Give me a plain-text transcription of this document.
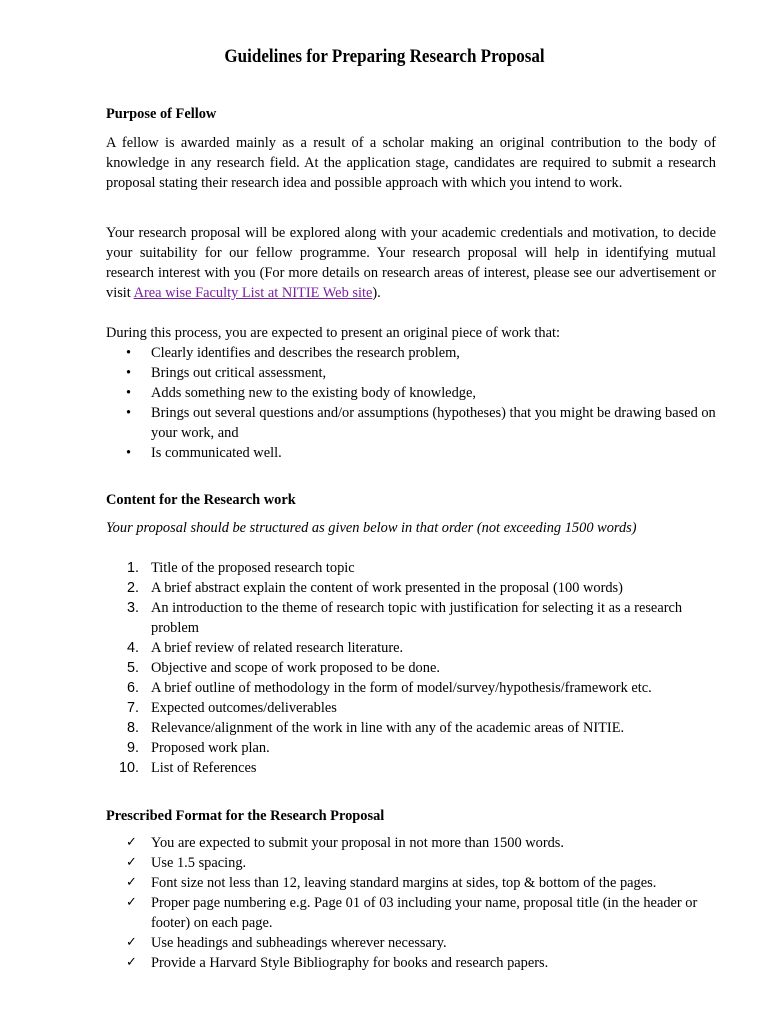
Guidelines for Preparing Research Proposal
Purpose of Fellow

A fellow is awarded mainly as a result of a scholar making an original contribution to the body of knowledge in any research field. At the application stage, candidates are required to submit a research proposal stating their research idea and possible approach with which you intend to work.

Your research proposal will be explored along with your academic credentials and motivation, to decide your suitability for our fellow programme. Your research proposal will help in identifying mutual research interest with you (For more details on research areas of interest, please see our advertisement or visit Area wise Faculty List at NITIE Web site).

During this process, you are expected to present an original piece of work that:
• Clearly identifies and describes the research problem,
• Brings out critical assessment,
• Adds something new to the existing body of knowledge,
• Brings out several questions and/or assumptions (hypotheses) that you might be drawing based on your work, and
• Is communicated well.
Content for the Research work
Your proposal should be structured as given below in that order (not exceeding 1500 words)
1. Title of the proposed research topic
2. A brief abstract explain the content of work presented in the proposal (100 words)
3. An introduction to the theme of research topic with justification for selecting it as a research problem
4. A brief review of related research literature.
5. Objective and scope of work proposed to be done.
6. A brief outline of methodology in the form of model/survey/hypothesis/framework etc.
7. Expected outcomes/deliverables
8. Relevance/alignment of the work in line with any of the academic areas of NITIE.
9. Proposed work plan.
10. List of References
Prescribed Format for the Research Proposal
✓ You are expected to submit your proposal in not more than 1500 words.
✓ Use 1.5 spacing.
✓ Font size not less than 12, leaving standard margins at sides, top & bottom of the pages.
✓ Proper page numbering e.g. Page 01 of 03 including your name, proposal title (in the header or footer) on each page.
✓ Use headings and subheadings wherever necessary.
✓ Provide a Harvard Style Bibliography for books and research papers.
